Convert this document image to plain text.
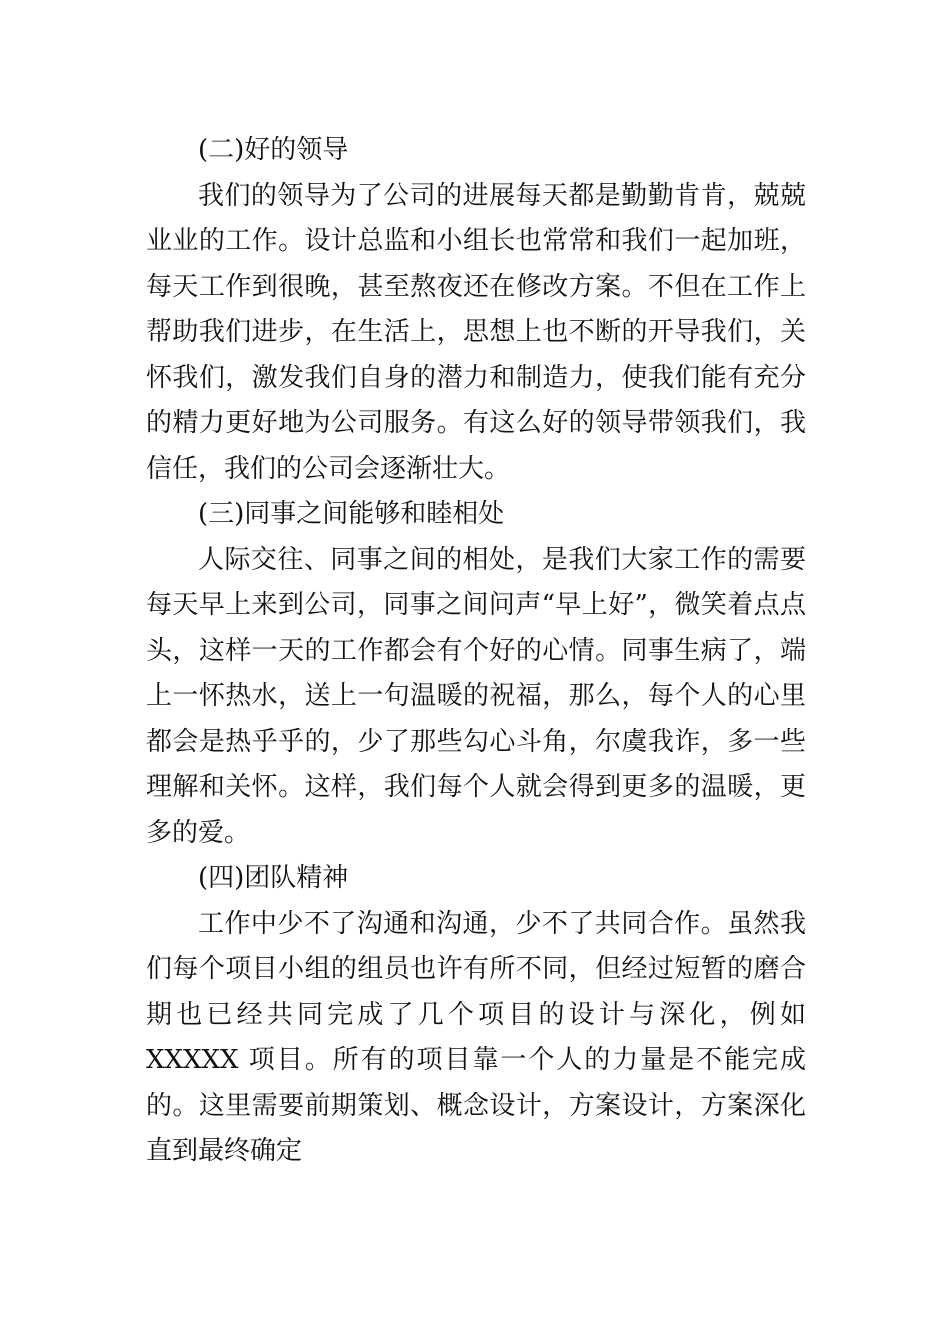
(二)好的领导

我们的领导为了公司的进展每天都是勤勤肯肯，兢兢业业的工作。设计总监和小组长也常常和我们一起加班，每天工作到很晚，甚至熬夜还在修改方案。不但在工作上帮助我们进步，在生活上，思想上也不断的开导我们，关怀我们，激发我们自身的潜力和制造力，使我们能有充分的精力更好地为公司服务。有这么好的领导带领我们，我信任，我们的公司会逐渐壮大。

(三)同事之间能够和睦相处

人际交往、同事之间的相处，是我们大家工作的需要每天早上来到公司，同事之间问声“早上好”，微笑着点点头，这样一天的工作都会有个好的心情。同事生病了，端上一怀热水，送上一句温暖的祝福，那么，每个人的心里都会是热乎乎的，少了那些勾心斗角，尔虞我诈，多一些理解和关怀。这样，我们每个人就会得到更多的温暖，更多的爱。

(四)团队精神

工作中少不了沟通和沟通，少不了共同合作。虽然我们每个项目小组的组员也许有所不同，但经过短暂的磨合期也已经共同完成了几个项目的设计与深化，例如 XXXXX 项目。所有的项目靠一个人的力量是不能完成的。这里需要前期策划、概念设计，方案设计，方案深化直到最终确定
